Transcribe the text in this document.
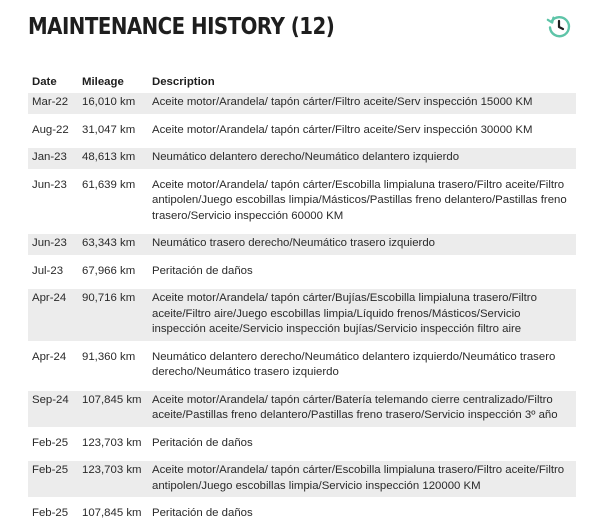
MAINTENANCE HISTORY (12)
Date	Mileage	Description
Mar-22	16,010 km	Aceite motor/Arandela/ tapón cárter/Filtro aceite/Serv inspección 15000 KM

Aug-22	31,047 km	Aceite motor/Arandela/ tapón cárter/Filtro aceite/Serv inspección 30000 KM

Jan-23	48,613 km	Neumático delantero derecho/Neumático delantero izquierdo

Jun-23	61,639 km	Aceite motor/Arandela/ tapón cárter/Escobilla limpialuna trasero/Filtro aceite/Filtro antipolen/Juego escobillas limpia/Másticos/Pastillas freno delantero/Pastillas freno trasero/Servicio inspección 60000 KM

Jun-23	63,343 km	Neumático trasero derecho/Neumático trasero izquierdo

Jul-23	67,966 km	Peritación de daños

Apr-24	90,716 km	Aceite motor/Arandela/ tapón cárter/Bujías/Escobilla limpialuna trasero/Filtro aceite/Filtro aire/Juego escobillas limpia/Líquido frenos/Másticos/Servicio inspección aceite/Servicio inspección bujías/Servicio inspección filtro aire

Apr-24	91,360 km	Neumático delantero derecho/Neumático delantero izquierdo/Neumático trasero derecho/Neumático trasero izquierdo

Sep-24	107,845 km	Aceite motor/Arandela/ tapón cárter/Batería telemando cierre centralizado/Filtro aceite/Pastillas freno delantero/Pastillas freno trasero/Servicio inspección 3º año

Feb-25	123,703 km	Peritación de daños

Feb-25	123,703 km	Aceite motor/Arandela/ tapón cárter/Escobilla limpialuna trasero/Filtro aceite/Filtro antipolen/Juego escobillas limpia/Servicio inspección 120000 KM

Feb-25	107,845 km	Peritación de daños
